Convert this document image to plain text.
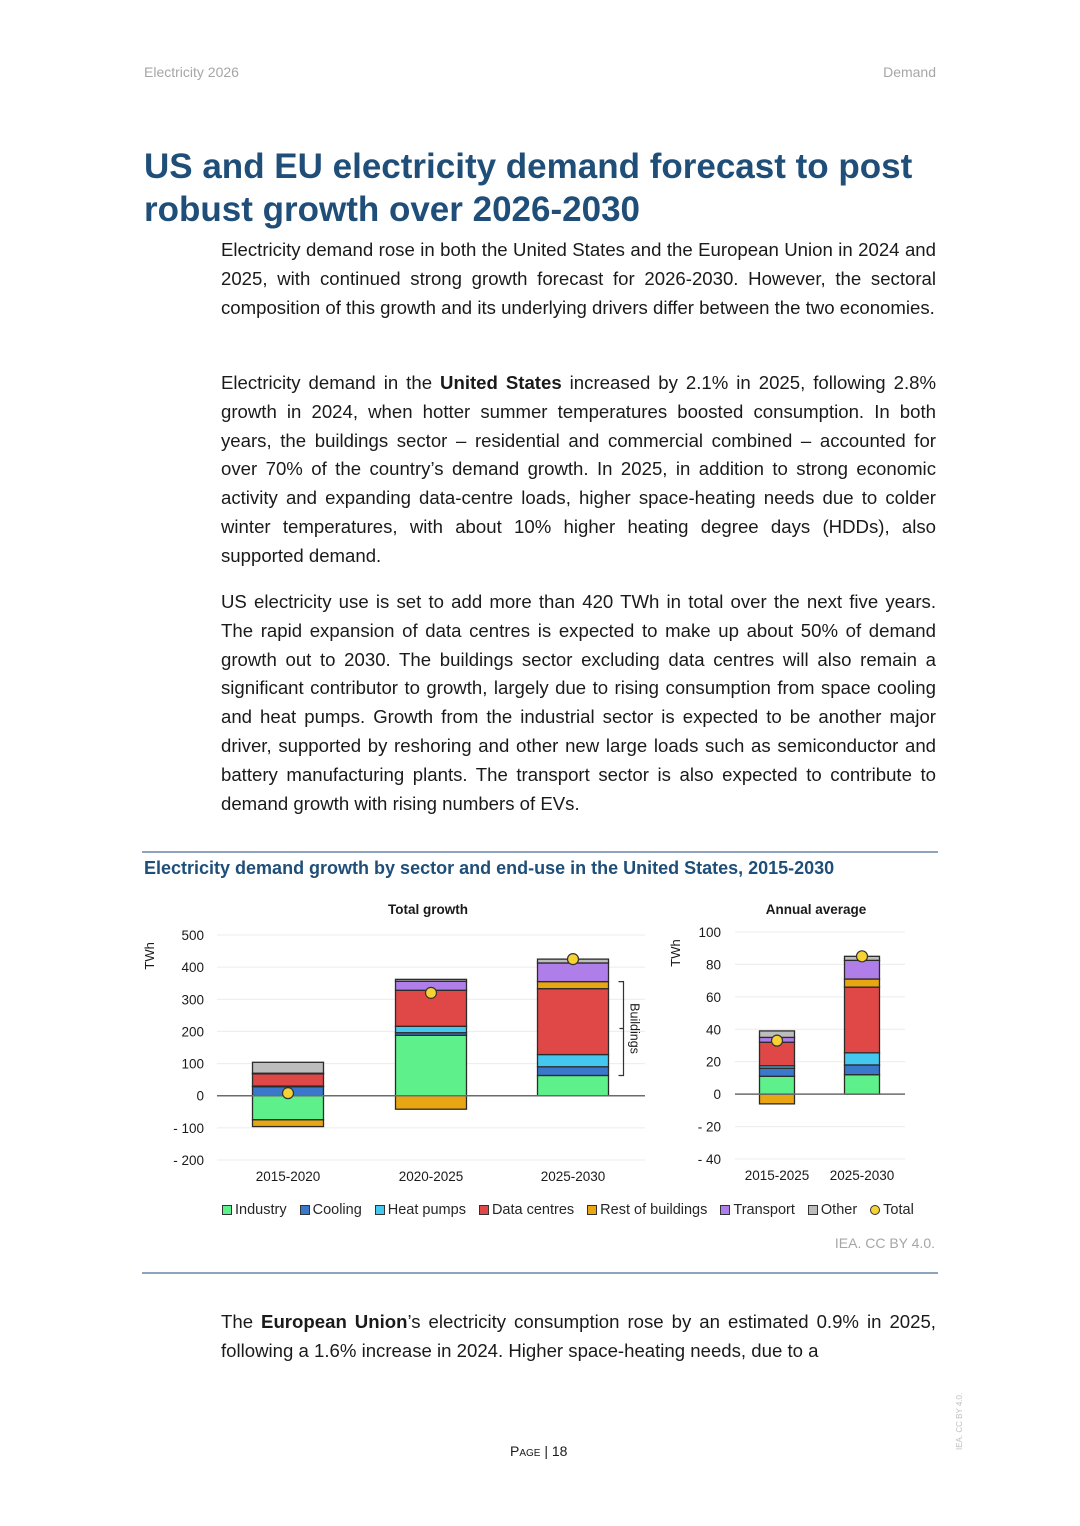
Electricity 2026	Demand
US and EU electricity demand forecast to post robust growth over 2026-2030

Electricity demand rose in both the United States and the European Union in 2024 and 2025, with continued strong growth forecast for 2026-2030. However, the sectoral composition of this growth and its underlying drivers differ between the two economies.

Electricity demand in the United States increased by 2.1% in 2025, following 2.8% growth in 2024, when hotter summer temperatures boosted consumption. In both years, the buildings sector – residential and commercial combined – accounted for over 70% of the country’s demand growth. In 2025, in addition to strong economic activity and expanding data-centre loads, higher space-heating needs due to colder winter temperatures, with about 10% higher heating degree days (HDDs), also supported demand.

US electricity use is set to add more than 420 TWh in total over the next five years. The rapid expansion of data centres is expected to make up about 50% of demand growth out to 2030. The buildings sector excluding data centres will also remain a significant contributor to growth, largely due to rising consumption from space cooling and heat pumps. Growth from the industrial sector is expected to be another major driver, supported by reshoring and other new large loads such as semiconductor and battery manufacturing plants. The transport sector is also expected to contribute to demand growth with rising numbers of EVs.

Electricity demand growth by sector and end-use in the United States, 2015-2030
Total growth
TWh
500
400
300
200
100
0
- 100
- 200
2015-2020	2020-2025	2025-2030
Buildings
Annual average
TWh
100
80
60
40
20
0
- 20
- 40
2015-2025 2025-2030
Industry Cooling Heat pumps Data centres Rest of buildings Transport Other Total
IEA. CC BY 4.0.

The European Union’s electricity consumption rose by an estimated 0.9% in 2025, following a 1.6% increase in 2024. Higher space-heating needs, due to a

Page | 18
IEA. CC BY 4.0.
